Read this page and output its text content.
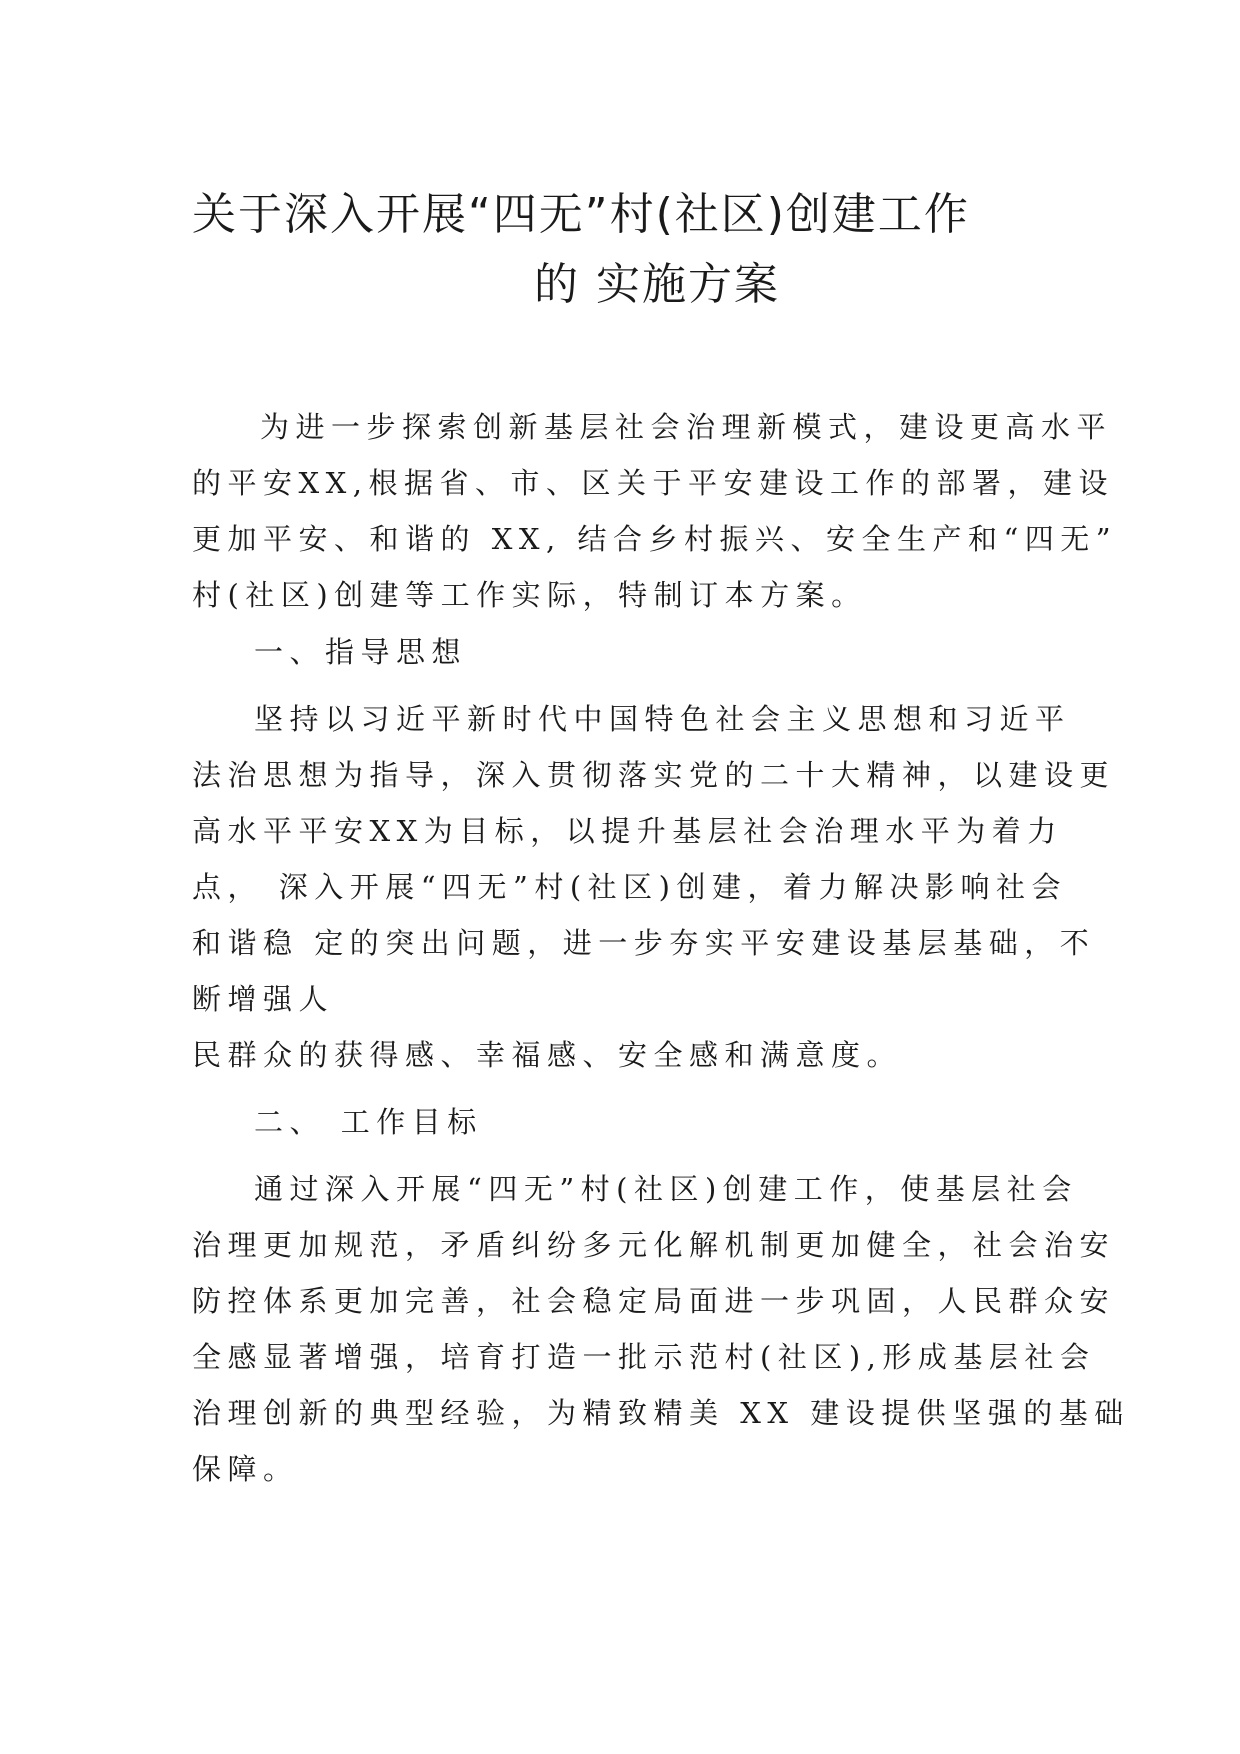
关于深入开展“四无”村(社区)创建工作
的 实施方案

为进一步探索创新基层社会治理新模式，建设更高水平

的平安XX,根据省、市、区关于平安建设工作的部署，建设

更加平安、和谐的 XX, 结合乡村振兴、安全生产和“四无”

村(社区)创建等工作实际，特制订本方案。

一、指导思想

坚持以习近平新时代中国特色社会主义思想和习近平

法治思想为指导，深入贯彻落实党的二十大精神，以建设更

高水平平安XX为目标，以提升基层社会治理水平为着力

点， 深入开展“四无”村(社区)创建，着力解决影响社会

和谐稳 定的突出问题，进一步夯实平安建设基层基础，不

断增强人

民群众的获得感、幸福感、安全感和满意度。

二、 工作目标

通过深入开展“四无”村(社区)创建工作，使基层社会

治理更加规范，矛盾纠纷多元化解机制更加健全，社会治安

防控体系更加完善，社会稳定局面进一步巩固，人民群众安

全感显著增强，培育打造一批示范村(社区),形成基层社会

治理创新的典型经验，为精致精美 XX 建设提供坚强的基础

保障。
